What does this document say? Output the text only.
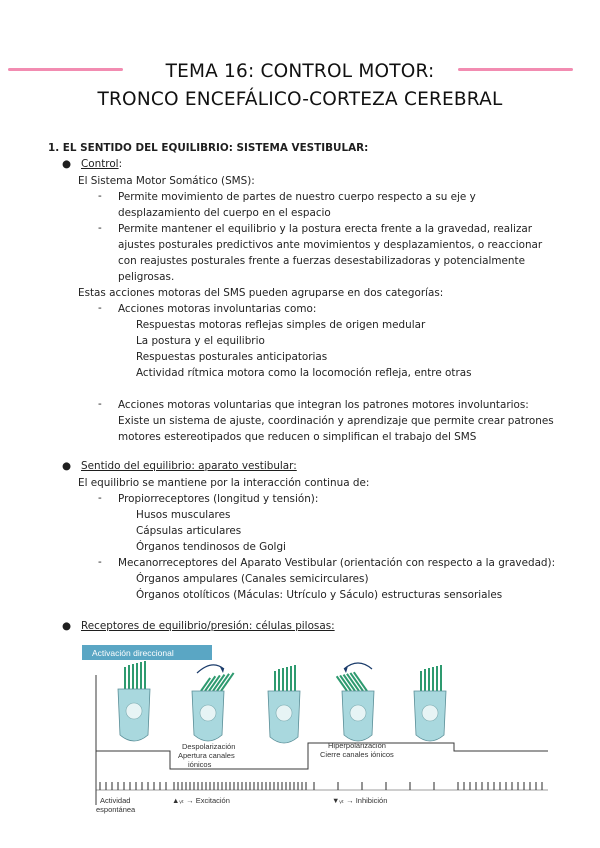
TEMA 16: CONTROL MOTOR:
TRONCO ENCEFÁLICO-CORTEZA CEREBRAL
1. EL SENTIDO DEL EQUILIBRIO: SISTEMA VESTIBULAR:
● Control:
El Sistema Motor Somático (SMS):
- Permite movimiento de partes de nuestro cuerpo respecto a su eje y
desplazamiento del cuerpo en el espacio
- Permite mantener el equilibrio y la postura erecta frente a la gravedad, realizar
ajustes posturales predictivos ante movimientos y desplazamientos, o reaccionar
con reajustes posturales frente a fuerzas desestabilizadoras y potencialmente
peligrosas.
Estas acciones motoras del SMS pueden agruparse en dos categorías:
- Acciones motoras involuntarias como:
Respuestas motoras reflejas simples de origen medular
La postura y el equilibrio
Respuestas posturales anticipatorias
Actividad rítmica motora como la locomoción refleja, entre otras
- Acciones motoras voluntarias que integran los patrones motores involuntarios:
Existe un sistema de ajuste, coordinación y aprendizaje que permite crear patrones
motores estereotipados que reducen o simplifican el trabajo del SMS
● Sentido del equilibrio: aparato vestibular:
El equilibrio se mantiene por la interacción continua de:
- Propiorreceptores (longitud y tensión):
Husos musculares
Cápsulas articulares
Órganos tendinosos de Golgi
- Mecanorreceptores del Aparato Vestibular (orientación con respecto a la gravedad):
Órganos ampulares (Canales semicirculares)
Órganos otolíticos (Máculas: Utrículo y Sáculo) estructuras sensoriales
● Receptores de equilibrio/presión: células pilosas:
Activación direccional
Despolarización
Apertura canales
iónicos
Hiperpolarización
Cierre canales iónicos
Actividad
espontánea
▲ᵥₜ → Excitación	▼ᵥₜ → Inhibición
